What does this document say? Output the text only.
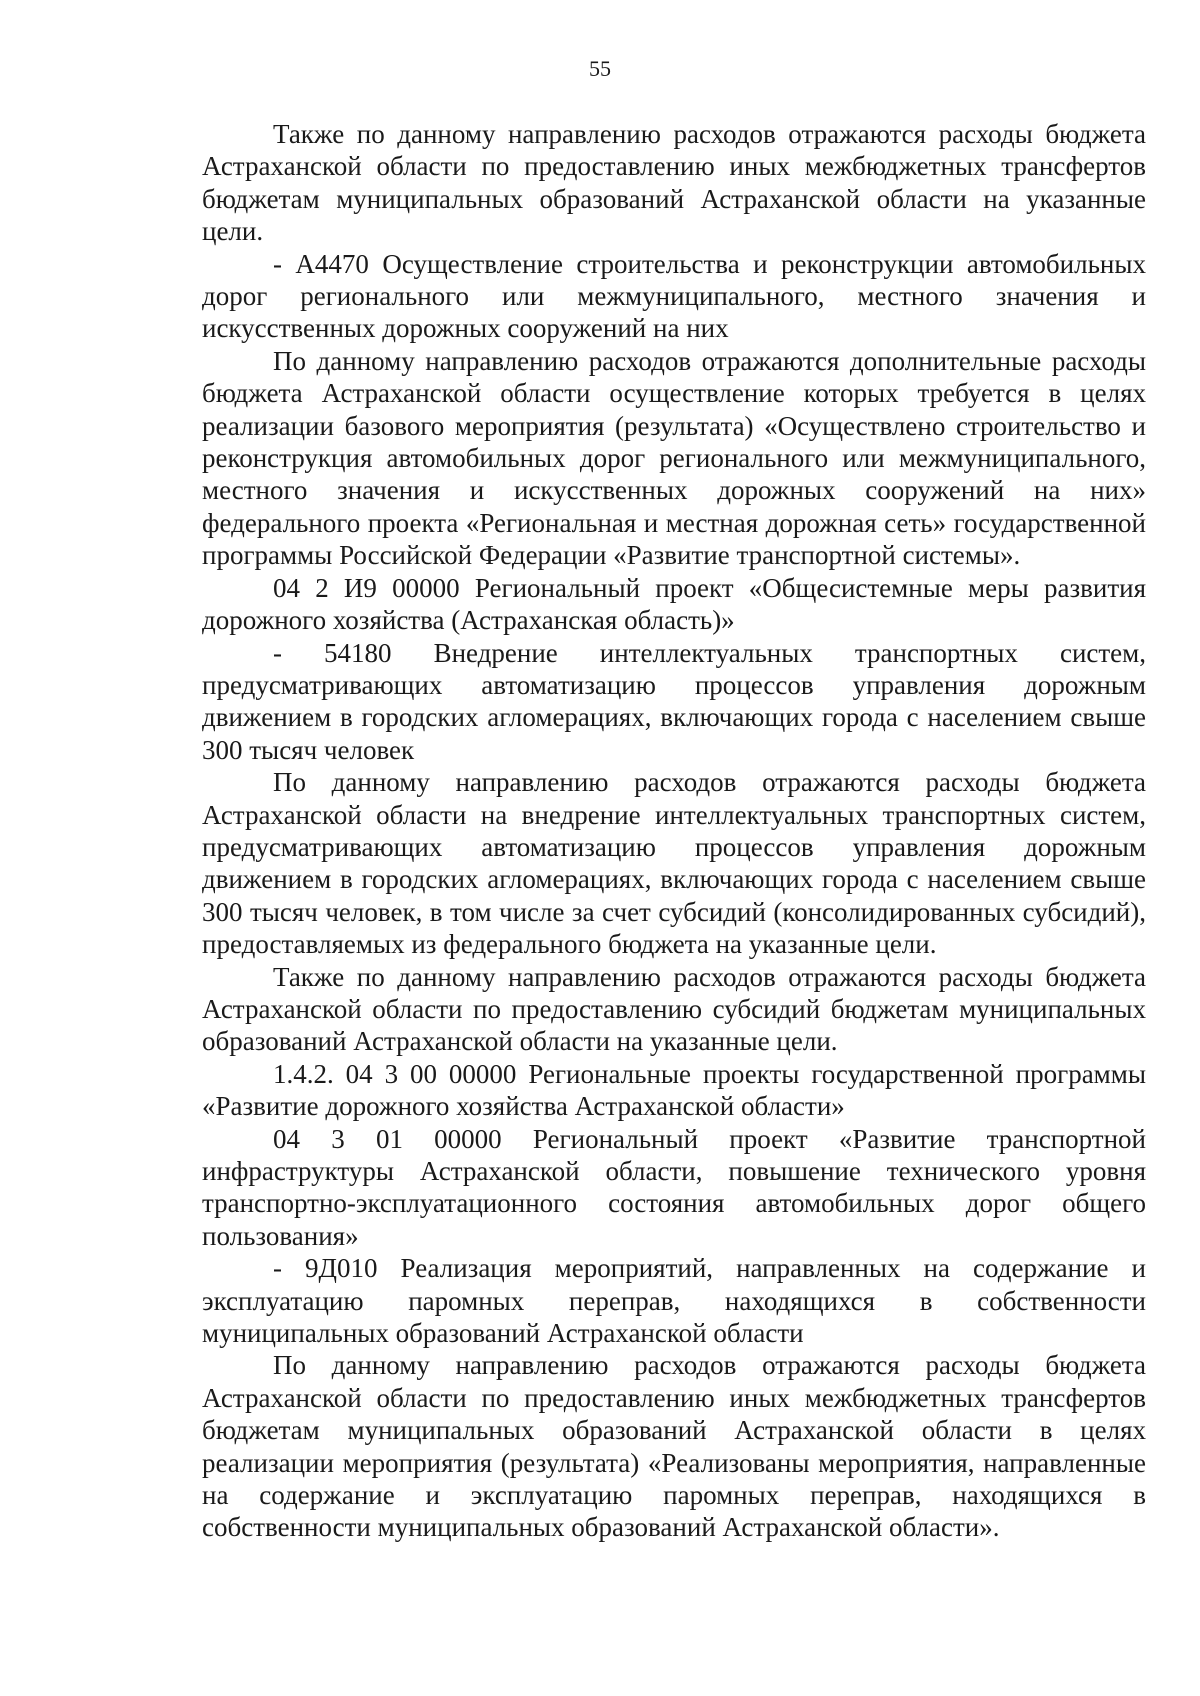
55

Также по данному направлению расходов отражаются расходы бюджета Астраханской области по предоставлению иных межбюджетных трансфертов бюджетам муниципальных образований Астраханской области на указанные цели.

- А4470 Осуществление строительства и реконструкции автомобильных дорог регионального или межмуниципального, местного значения и искусственных дорожных сооружений на них

По данному направлению расходов отражаются дополнительные расходы бюджета Астраханской области осуществление которых требуется в целях реализации базового мероприятия (результата) «Осуществлено строительство и реконструкция автомобильных дорог регионального или межмуниципального, местного значения и искусственных дорожных сооружений на них» федерального проекта «Региональная и местная дорожная сеть» государственной программы Российской Федерации «Развитие транспортной системы».

04 2 И9 00000 Региональный проект «Общесистемные меры развития дорожного хозяйства (Астраханская область)»

- 54180 Внедрение интеллектуальных транспортных систем, предусматривающих автоматизацию процессов управления дорожным движением в городских агломерациях, включающих города с населением свыше 300 тысяч человек

По данному направлению расходов отражаются расходы бюджета Астраханской области на внедрение интеллектуальных транспортных систем, предусматривающих автоматизацию процессов управления дорожным движением в городских агломерациях, включающих города с населением свыше 300 тысяч человек, в том числе за счет субсидий (консолидированных субсидий), предоставляемых из федерального бюджета на указанные цели.

Также по данному направлению расходов отражаются расходы бюджета Астраханской области по предоставлению субсидий бюджетам муниципальных образований Астраханской области на указанные цели.

1.4.2. 04 3 00 00000 Региональные проекты государственной программы «Развитие дорожного хозяйства Астраханской области»

04 3 01 00000 Региональный проект «Развитие транспортной инфраструктуры Астраханской области, повышение технического уровня транспортно-эксплуатационного состояния автомобильных дорог общего пользования»

- 9Д010 Реализация мероприятий, направленных на содержание и эксплуатацию паромных переправ, находящихся в собственности муниципальных образований Астраханской области

По данному направлению расходов отражаются расходы бюджета Астраханской области по предоставлению иных межбюджетных трансфертов бюджетам муниципальных образований Астраханской области в целях реализации мероприятия (результата) «Реализованы мероприятия, направленные на содержание и эксплуатацию паромных переправ, находящихся в собственности муниципальных образований Астраханской области».
